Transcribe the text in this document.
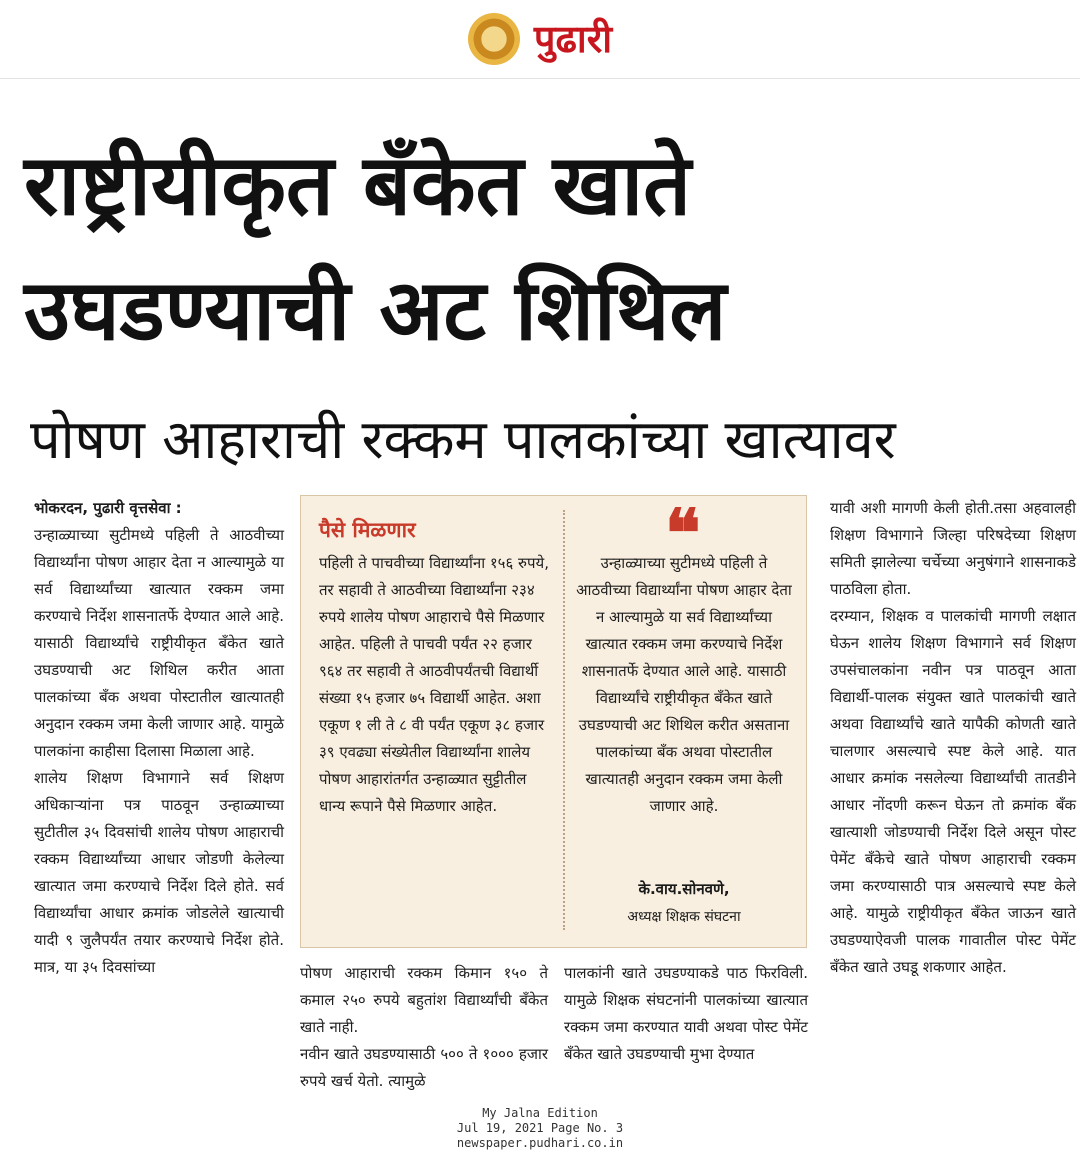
पुढारी
राष्ट्रीयीकृत बँकेत खाते
उघडण्याची अट शिथिल
पोषण आहाराची रक्कम पालकांच्या खात्यावर
भोकरदन, पुढारी वृत्तसेवा :
उन्हाळ्याच्या सुटीमध्ये पहिली ते आठवीच्या विद्यार्थ्यांना पोषण आहार देता न आल्यामुळे या सर्व विद्यार्थ्यांच्या खात्यात रक्कम जमा करण्याचे निर्देश शासनातर्फे देण्यात आले आहे. यासाठी विद्यार्थ्यांचे राष्ट्रीयीकृत बँकेत खाते उघडण्याची अट शिथिल करीत आता पालकांच्या बँक अथवा पोस्टातील खात्यातही अनुदान रक्कम जमा केली जाणार आहे. यामुळे पालकांना काहीसा दिलासा मिळाला आहे.
शालेय शिक्षण विभागाने सर्व शिक्षण अधिकाऱ्यांना पत्र पाठवून उन्हाळ्याच्या सुटीतील ३५ दिवसांची शालेय पोषण आहाराची रक्कम विद्यार्थ्यांच्या आधार जोडणी केलेल्या खात्यात जमा करण्याचे निर्देश दिले होते. सर्व विद्यार्थ्यांचा आधार क्रमांक जोडलेले खात्याची यादी ९ जुलैपर्यंत तयार करण्याचे निर्देश होते. मात्र, या ३५ दिवसांच्या
पैसे मिळणार
पहिली ते पाचवीच्या विद्यार्थ्यांना १५६ रुपये, तर सहावी ते आठवीच्या विद्यार्थ्यांना २३४ रुपये शालेय पोषण आहाराचे पैसे मिळणार आहेत. पहिली ते पाचवी पर्यंत २२ हजार ९६४ तर सहावी ते आठवीपर्यंतची विद्यार्थी संख्या १५ हजार ७५ विद्यार्थी आहेत. अशा एकूण १ ली ते ८ वी पर्यंत एकूण ३८ हजार ३९ एवढ्या संख्येतील विद्यार्थ्यांना शालेय पोषण आहारांतर्गत उन्हाळ्यात सुट्टीतील धान्य रूपाने पैसे मिळणार आहेत.
❝
उन्हाळ्याच्या सुटीमध्ये पहिली ते आठवीच्या विद्यार्थ्यांना पोषण आहार देता न आल्यामुळे या सर्व विद्यार्थ्यांच्या खात्यात रक्कम जमा करण्याचे निर्देश शासनातर्फे देण्यात आले आहे. यासाठी विद्यार्थ्यांचे राष्ट्रीयीकृत बँकेत खाते उघडण्याची अट शिथिल करीत असताना पालकांच्या बँक अथवा पोस्टातील खात्यातही अनुदान रक्कम जमा केली जाणार आहे.
के.वाय.सोनवणे,
अध्यक्ष शिक्षक संघटना
पोषण आहाराची रक्कम किमान १५० ते कमाल २५० रुपये बहुतांश विद्यार्थ्यांची बँकेत खाते नाही.
नवीन खाते उघडण्यासाठी ५०० ते १००० हजार रुपये खर्च येतो. त्यामुळे
पालकांनी खाते उघडण्याकडे पाठ फिरविली. यामुळे शिक्षक संघटनांनी पालकांच्या खात्यात रक्कम जमा करण्यात यावी अथवा पोस्ट पेमेंट बँकेत खाते उघडण्याची मुभा देण्यात
यावी अशी मागणी केली होती.तसा अहवालही शिक्षण विभागाने जिल्हा परिषदेच्या शिक्षण समिती झालेल्या चर्चेच्या अनुषंगाने शासनाकडे पाठविला होता.
दरम्यान, शिक्षक व पालकांची मागणी लक्षात घेऊन शालेय शिक्षण विभागाने सर्व शिक्षण उपसंचालकांना नवीन पत्र पाठवून आता विद्यार्थी-पालक संयुक्त खाते पालकांची खाते अथवा विद्यार्थ्यांचे खाते यापैकी कोणती खाते चालणार असल्याचे स्पष्ट केले आहे. यात आधार क्रमांक नसलेल्या विद्यार्थ्यांची तातडीने आधार नोंदणी करून घेऊन तो क्रमांक बँक खात्याशी जोडण्याची निर्देश दिले असून पोस्ट पेमेंट बँकेचे खाते पोषण आहाराची रक्कम जमा करण्यासाठी पात्र असल्याचे स्पष्ट केले आहे. यामुळे राष्ट्रीयीकृत बँकेत जाऊन खाते उघडण्याऐवजी पालक गावातील पोस्ट पेमेंट बँकेत खाते उघडू शकणार आहेत.
My Jalna Edition
Jul 19, 2021 Page No. 3
newspaper.pudhari.co.in
